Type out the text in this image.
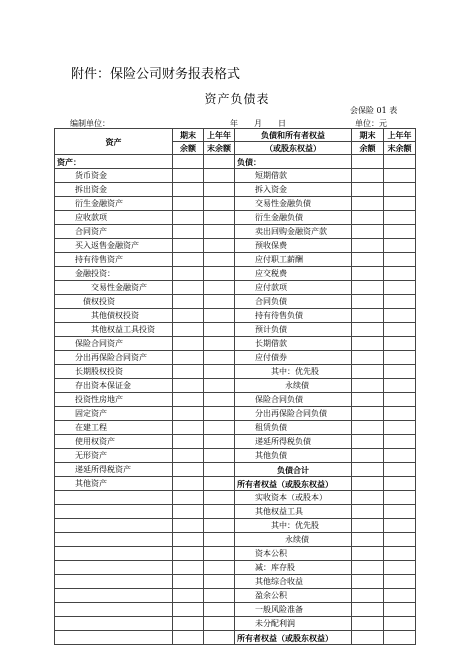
附件：保险公司财务报表格式
资产负债表
会保险 01 表
编制单位：	年　　月　　日	单位：元
资产	期末	上年年	负债和所有者权益	期末	上年年
	余额	末余额	（或股东权益）	余额	末余额
资产：			负债：		
货币资金			短期借款		
拆出资金			拆入资金		
衍生金融资产			交易性金融负债		
应收款项			衍生金融负债		
合同资产			卖出回购金融资产款		
买入返售金融资产			预收保费		
持有待售资产			应付职工薪酬		
金融投资：			应交税费		
交易性金融资产			应付款项		
债权投资			合同负债		
其他债权投资			持有待售负债		
其他权益工具投资			预计负债		
保险合同资产			长期借款		
分出再保险合同资产			应付债券		
长期股权投资			其中：优先股		
存出资本保证金			永续债		
投资性房地产			保险合同负债		
固定资产			分出再保险合同负债		
在建工程			租赁负债		
使用权资产			递延所得税负债		
无形资产			其他负债		
递延所得税资产			负债合计		
其他资产			所有者权益（或股东权益）		
			实收资本（或股本）		
			其他权益工具		
			其中：优先股		
			永续债		
			资本公积		
			减：库存股		
			其他综合收益		
			盈余公积		
			一般风险准备		
			未分配利润		
			所有者权益（或股东权益）		
